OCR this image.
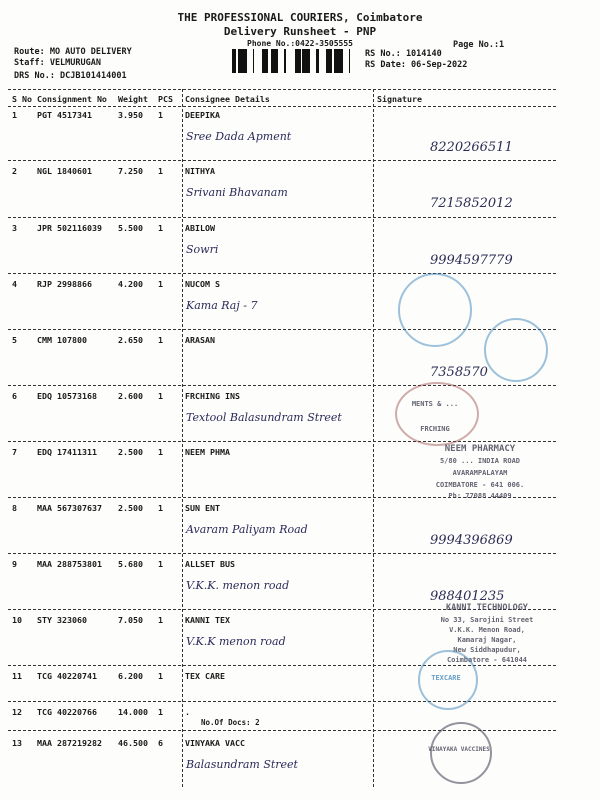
THE PROFESSIONAL COURIERS, Coimbatore
Delivery Runsheet - PNP
Phone No.:0422-3505555	Page No.:1
Route: MO AUTO DELIVERY
Staff: VELMURUGAN
DRS No.: DCJB101414001
RS No.: 1014140
RS Date: 06-Sep-2022
S No Consignment No Weight PCS Consignee Details	Signature
1 PGT 4517341	3.950 1	DEEPIKA
Sree Dada Apment
8220266511
2 NGL 1840601	7.250 1	NITHYA
Srivani Bhavanam
7215852012
3 JPR 502116039 5.500 1	ABILOW
Sowri
9994597779
4 RJP 2998866	4.200 1	NUCOM S
Kama Raj - 7
5 CMM 107800	2.650 1	ARASAN
7358570
6 EDQ 10573168	2.600 1	FRCHING INS
Textool Balasundram Street
7 EDQ 17411311	2.500 1	NEEM PHMA
8 MAA 567307637 2.500 1	SUN ENT
Avaram Paliyam Road
9994396869
9 MAA 288753801 5.680 1	ALLSET BUS
V.K.K. menon road
988401235
10 STY 323060	7.050 1	KANNI TEX
V.K.K menon road
11 TCG 40220741	6.200 1	TEX CARE
12 TCG 40220766	14.000 1	.
13 MAA 287219282 46.500 6	VINYAKA VACC
Balasundram Street
No.Of Docs: 2
MENTS & ...
FRCHING
NEEM PHARMACY
5/80 ... INDIA ROAD
AVARAMPALAYAM
COIMBATORE - 641 006.
Ph: 77088 44409
KANNI TECHNOLOGY
No 33, Sarojini Street
V.K.K. Menon Road,
Kamaraj Nagar,
New Siddhapudur,
Coimbatore - 641044
TEXCARE
VINAYAKA VACCINES
